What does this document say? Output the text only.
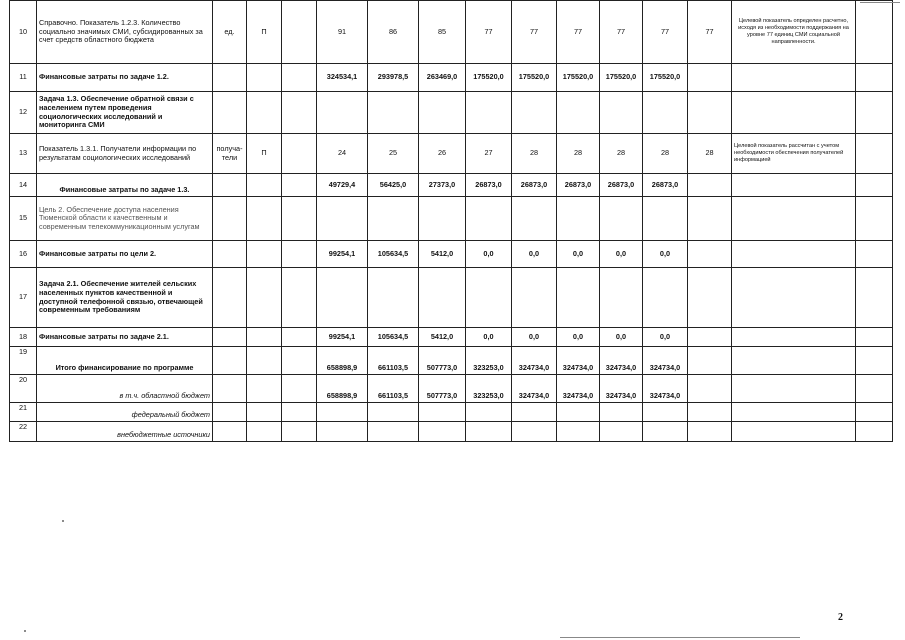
10	Справочно. Показатель 1.2.3. Количество социально значимых СМИ, субсидированных за счет средств областного бюджета	ед.	П		91	86	85	77	77	77	77	77	77	Целевой показатель определен расчетно, исходя из необходимости поддержания на уровне 77 единиц СМИ социальной направленности.	
11	Финансовые затраты по задаче 1.2.				324534,1	293978,5	263469,0	175520,0	175520,0	175520,0	175520,0	175520,0			
12	Задача 1.3. Обеспечение обратной связи с населением путем проведения социологических исследований и мониторинга СМИ														
13	Показатель 1.3.1. Получатели информации по результатам социологических исследований	получа-тели	П		24	25	26	27	28	28	28	28	28	Целевой показатель рассчитан с учетом необходимости обеспечения получателей информацией	
14	Финансовые затраты по задаче 1.3.				49729,4	56425,0	27373,0	26873,0	26873,0	26873,0	26873,0	26873,0			
15	Цель 2. Обеспечение доступа населения Тюменской области к качественным и современным телекоммуникационным услугам														
16	Финансовые затраты по цели 2.				99254,1	105634,5	5412,0	0,0	0,0	0,0	0,0	0,0			
17	Задача 2.1. Обеспечение жителей сельских населенных пунктов качественной и доступной телефонной связью, отвечающей современным требованиям														
18	Финансовые затраты по задаче 2.1.				99254,1	105634,5	5412,0	0,0	0,0	0,0	0,0	0,0			
19	Итого финансирование по программе				658898,9	661103,5	507773,0	323253,0	324734,0	324734,0	324734,0	324734,0			
20	в т.ч. областной бюджет				658898,9	661103,5	507773,0	323253,0	324734,0	324734,0	324734,0	324734,0			
21	федеральный бюджет														
22	внебюджетные источники														
2
